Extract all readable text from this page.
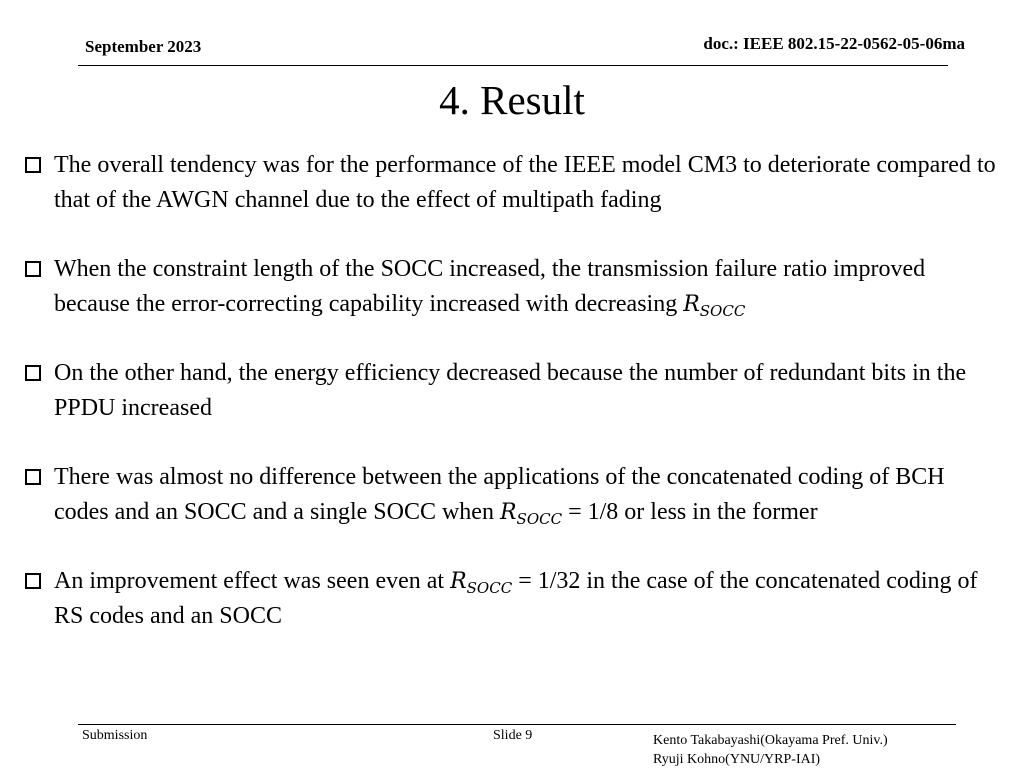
September 2023	doc.: IEEE 802.15-22-0562-05-06ma
4. Result
The overall tendency was for the performance of the IEEE model CM3 to deteriorate compared to that of the AWGN channel due to the effect of multipath fading
When the constraint length of the SOCC increased, the transmission failure ratio improved because the error-correcting capability increased with decreasing $R_{SOCC}$
On the other hand, the energy efficiency decreased because the number of redundant bits in the PPDU increased
There was almost no difference between the applications of the concatenated coding of BCH codes and an SOCC and a single SOCC when $R_{SOCC} = 1/8$ or less in the former
An improvement effect was seen even at $R_{SOCC} = 1/32$ in the case of the concatenated coding of RS codes and an SOCC
Submission	Slide 9	Kento Takabayashi(Okayama Pref. Univ.)
Ryuji Kohno(YNU/YRP-IAI)
